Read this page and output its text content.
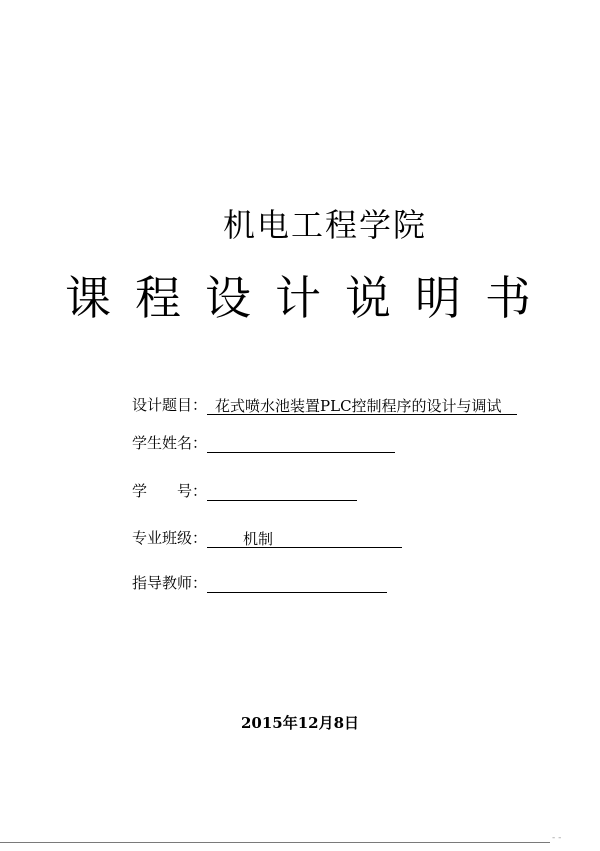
机电工程学院
课程设计说明书
设计题目： 花式喷水池装置PLC控制程序的设计与调试
学生姓名：
学　　号：
专业班级：	机制
指导教师：
2015年12月8日
- -
